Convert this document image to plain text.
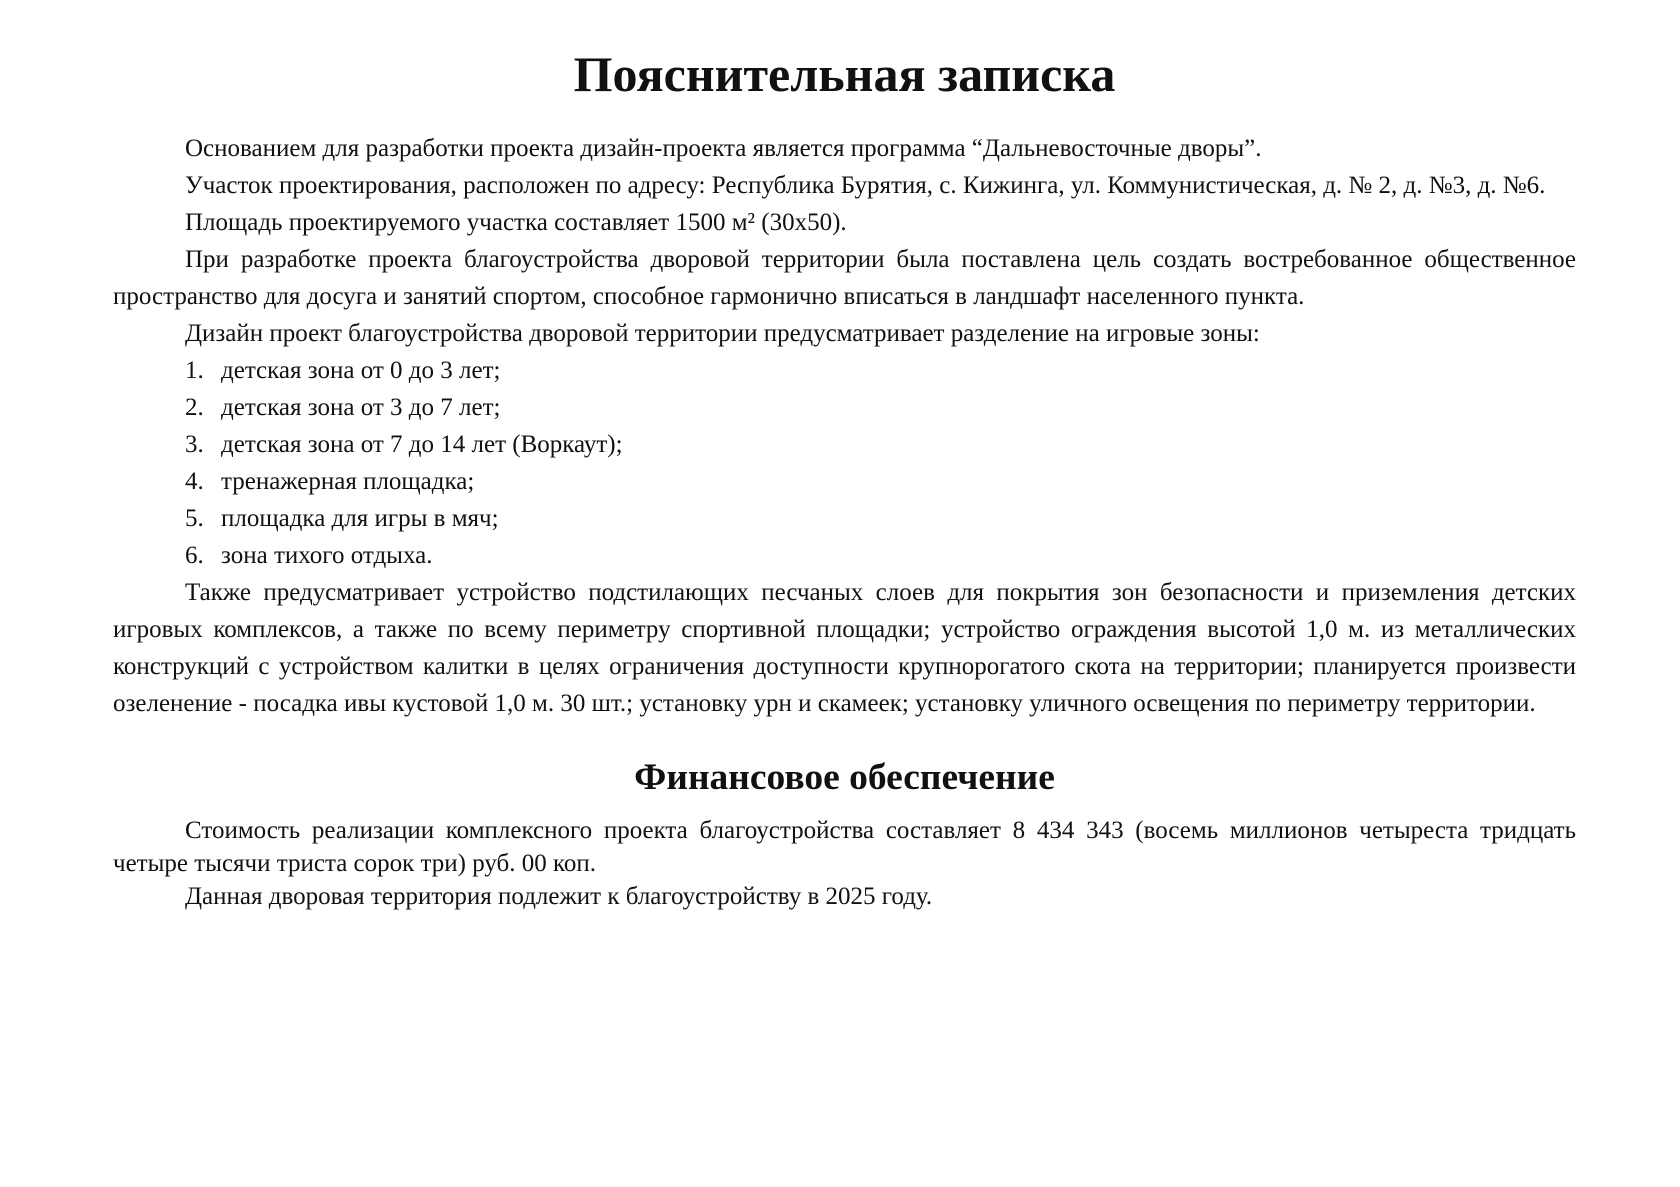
Пояснительная записка

Основанием для разработки проекта дизайн-проекта является программа “Дальневосточные дворы”.

Участок проектирования, расположен по адресу: Республика Бурятия, с. Кижинга, ул. Коммунистическая, д. № 2, д. №3, д. №6.

Площадь проектируемого участка составляет 1500 м² (30х50).

При разработке проекта благоустройства дворовой территории была поставлена цель создать востребованное общественное пространство для досуга и занятий спортом, способное гармонично вписаться в ландшафт населенного пункта.

Дизайн проект благоустройства дворовой территории предусматривает разделение на игровые зоны:

1. детская зона от 0 до 3 лет;
2. детская зона от 3 до 7 лет;
3. детская зона от 7 до 14 лет (Воркаут);
4. тренажерная площадка;
5. площадка для игры в мяч;
6. зона тихого отдыха.

Также предусматривает устройство подстилающих песчаных слоев для покрытия зон безопасности и приземления детских игровых комплексов, а также по всему периметру спортивной площадки; устройство ограждения высотой 1,0 м. из металлических конструкций с устройством калитки в целях ограничения доступности крупнорогатого скота на территории; планируется произвести озеленение - посадка ивы кустовой 1,0 м. 30 шт.; установку урн и скамеек; установку уличного освещения по периметру территории.

Финансовое обеспечение

Стоимость реализации комплексного проекта благоустройства составляет 8 434 343 (восемь миллионов четыреста тридцать четыре тысячи триста сорок три) руб. 00 коп.

Данная дворовая территория подлежит к благоустройству в 2025 году.
